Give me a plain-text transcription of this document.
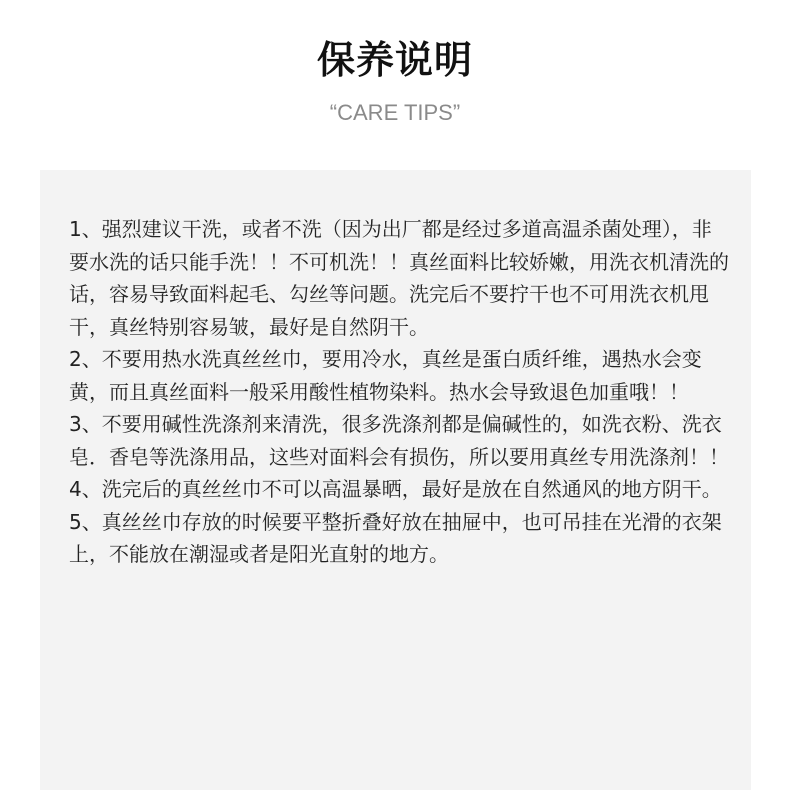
保养说明
“CARE TIPS”

1、强烈建议干洗，或者不洗（因为出厂都是经过多道高温杀菌处理），非要水洗的话只能手洗！！不可机洗！！真丝面料比较娇嫩，用洗衣机清洗的话，容易导致面料起毛、勾丝等问题。洗完后不要拧干也不可用洗衣机甩干，真丝特别容易皱，最好是自然阴干。

2、不要用热水洗真丝丝巾，要用冷水，真丝是蛋白质纤维，遇热水会变黄，而且真丝面料一般采用酸性植物染料。热水会导致退色加重哦！！

3、不要用碱性洗涤剂来清洗，很多洗涤剂都是偏碱性的，如洗衣粉、洗衣皂．香皂等洗涤用品，这些对面料会有损伤，所以要用真丝专用洗涤剂！！

4、洗完后的真丝丝巾不可以高温暴晒，最好是放在自然通风的地方阴干。

5、真丝丝巾存放的时候要平整折叠好放在抽屉中，也可吊挂在光滑的衣架上，不能放在潮湿或者是阳光直射的地方。
